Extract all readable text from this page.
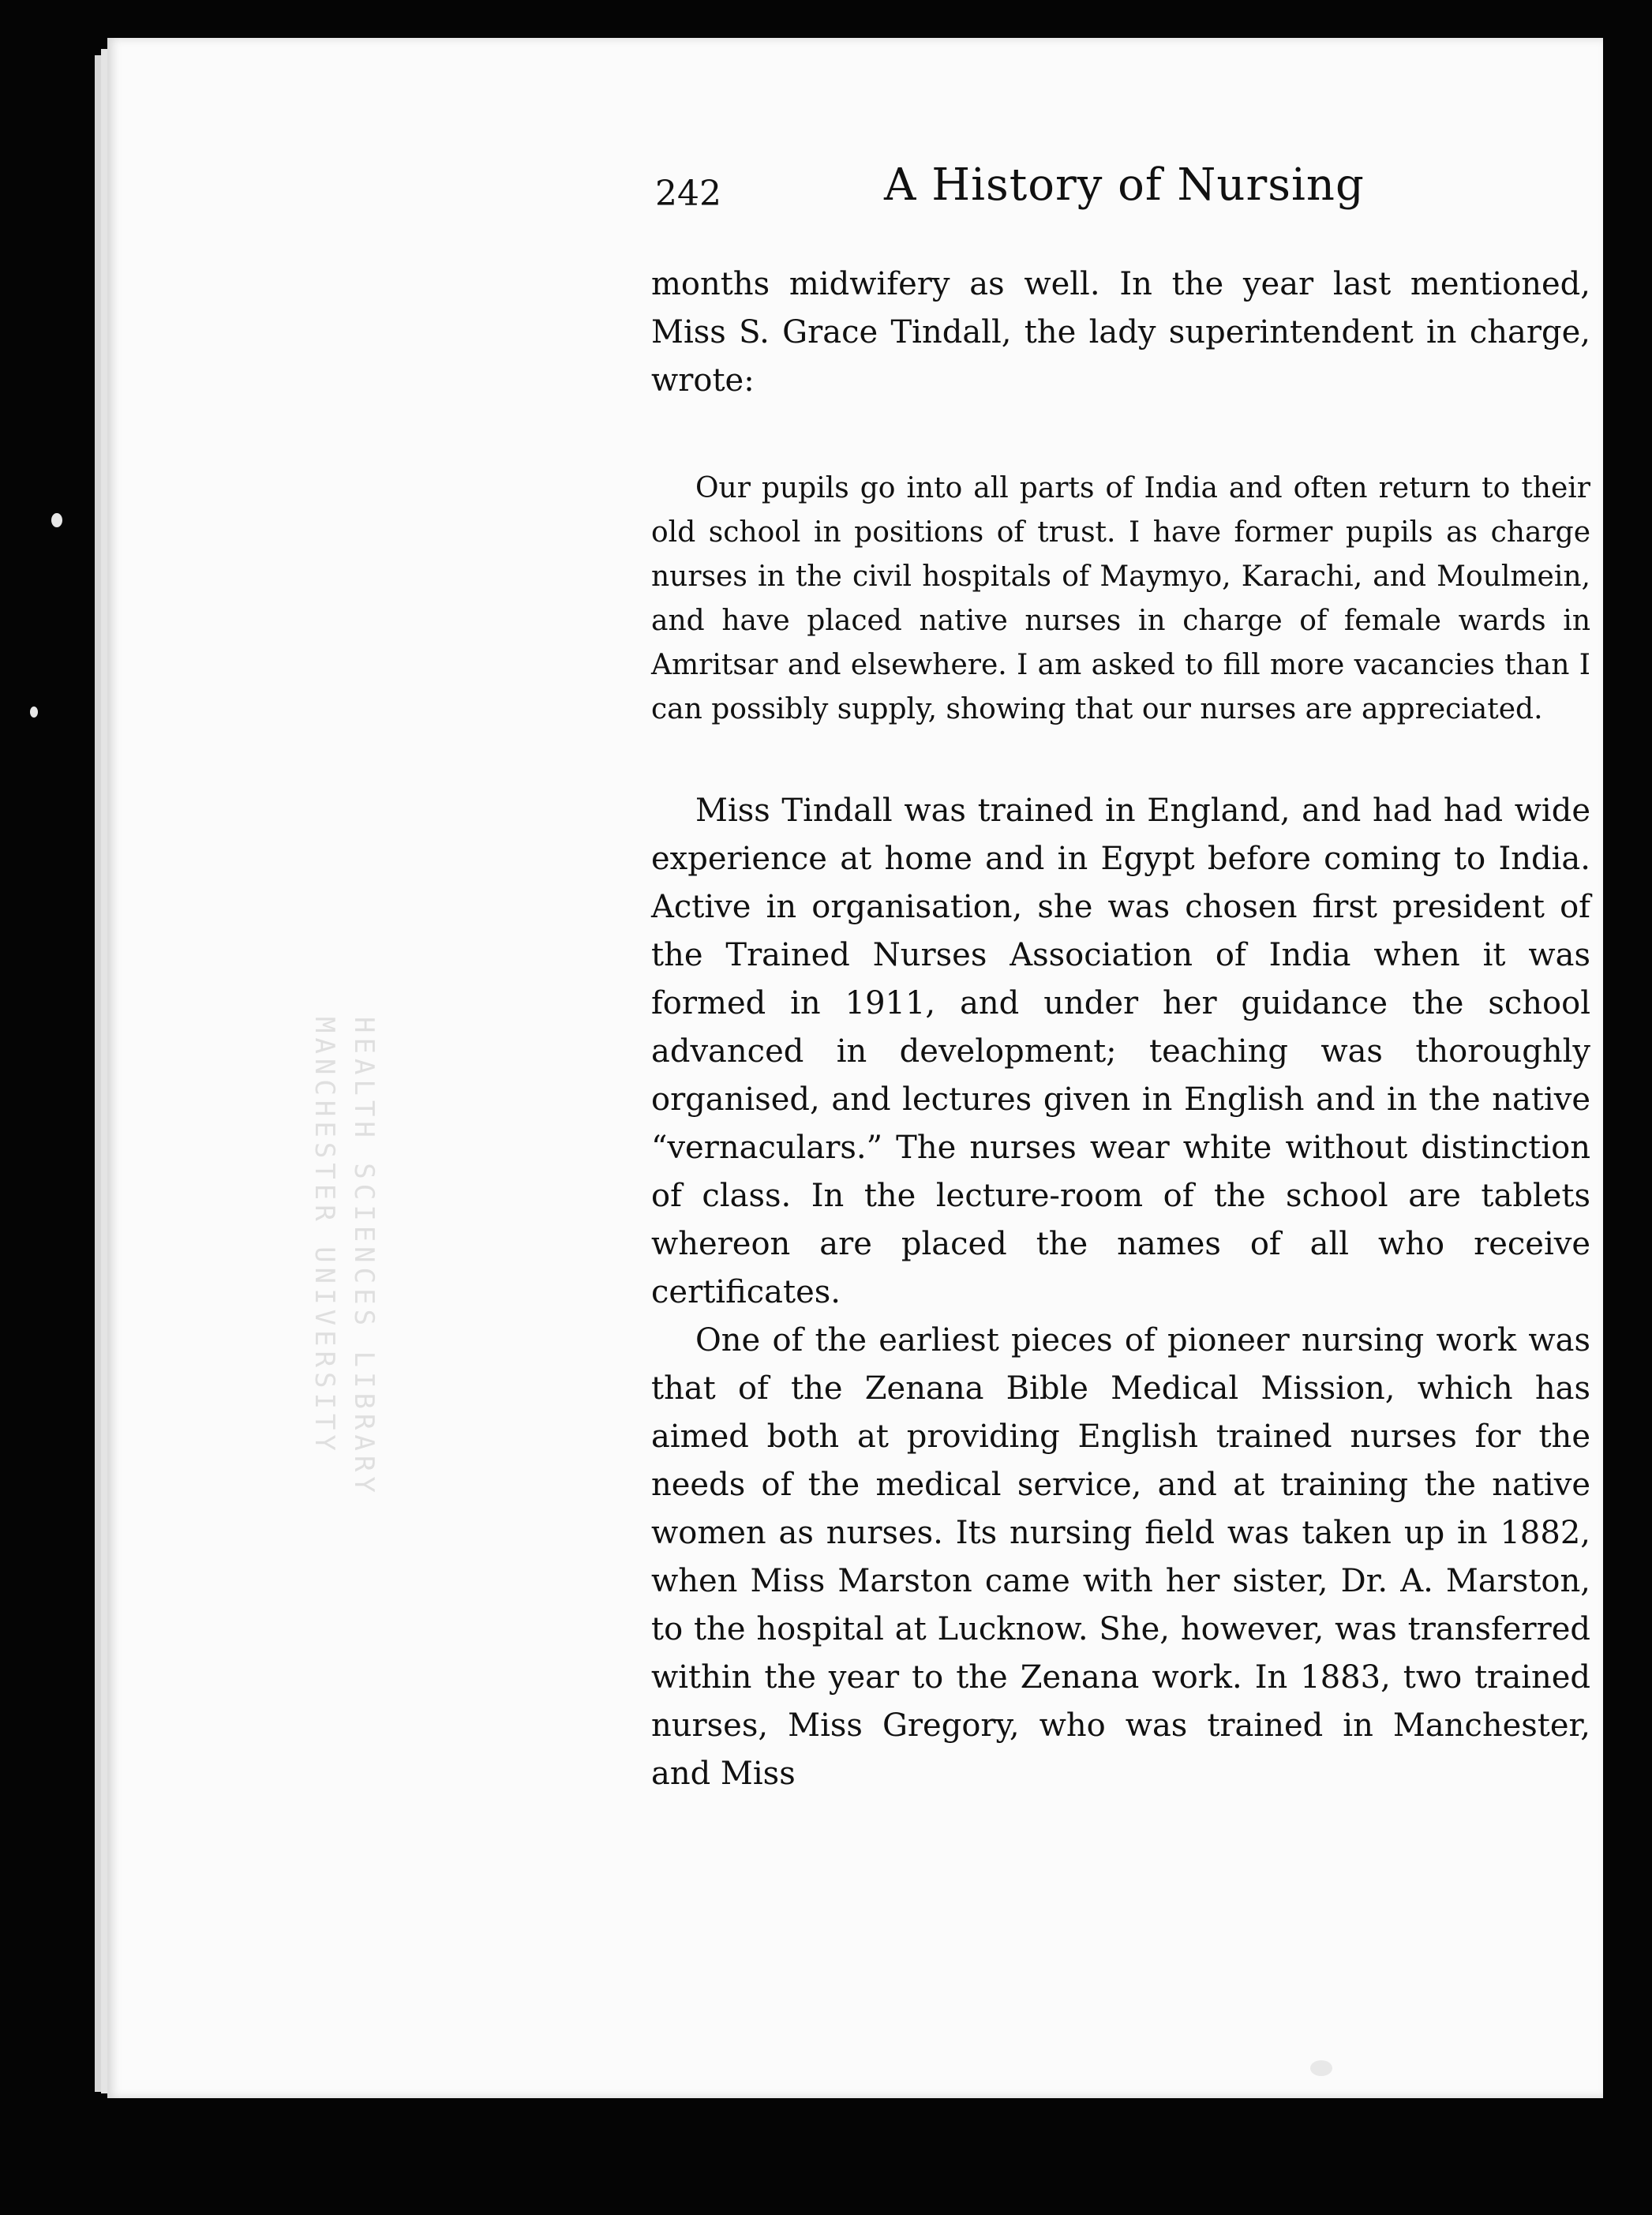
HEALTH SCIENCES LIBRARY
MANCHESTER UNIVERSITY
242	A History of Nursing

months midwifery as well. In the year last mentioned, Miss S. Grace Tindall, the lady superintendent in charge, wrote:

Our pupils go into all parts of India and often return to their old school in positions of trust. I have former pupils as charge nurses in the civil hospitals of Maymyo, Karachi, and Moulmein, and have placed native nurses in charge of female wards in Amritsar and elsewhere. I am asked to fill more vacancies than I can possibly supply, showing that our nurses are appreciated.

Miss Tindall was trained in England, and had had wide experience at home and in Egypt before coming to India. Active in organisation, she was chosen first president of the Trained Nurses Association of India when it was formed in 1911, and under her guidance the school advanced in development; teaching was thoroughly organised, and lectures given in English and in the native “vernaculars.” The nurses wear white without distinction of class. In the lecture-room of the school are tablets whereon are placed the names of all who receive certificates.

One of the earliest pieces of pioneer nursing work was that of the Zenana Bible Medical Mission, which has aimed both at providing English trained nurses for the needs of the medical service, and at training the native women as nurses. Its nursing field was taken up in 1882, when Miss Marston came with her sister, Dr. A. Marston, to the hospital at Lucknow. She, however, was transferred within the year to the Zenana work. In 1883, two trained nurses, Miss Gregory, who was trained in Manchester, and Miss
